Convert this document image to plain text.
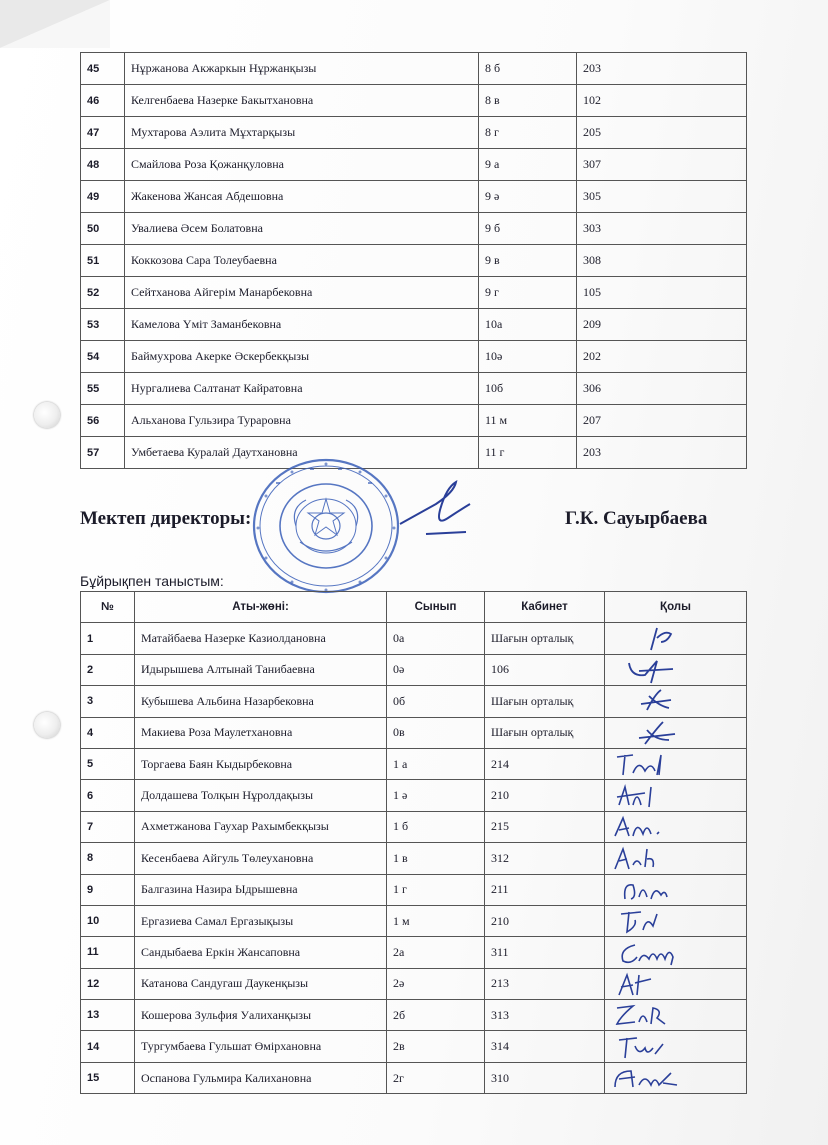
45	Нұржанова Акжаркын Нұржанқызы	8 б	203
46	Келгенбаева Назерке Бакытхановна	8 в	102
47	Мухтарова Аэлита Мұхтарқызы	8 г	205
48	Смайлова Роза Қожанқуловна	9 а	307
49	Жакенова Жансая Абдешовна	9 ә	305
50	Увалиева Әсем Болатовна	9 б	303
51	Коккозова Сара Толеубаевна	9 в	308
52	Сейтханова Айгерім Манарбековна	9 г	105
53	Камелова Үміт Заманбековна	10а	209
54	Баймухрова Акерке Әскербекқызы	10ә	202
55	Нургалиева Салтанат Кайратовна	10б	306
56	Альханова Гульзира Тураровна	11 м	207
57	Умбетаева Куралай Даутхановна	11 г	203
Мектеп директоры:	Г.К. Сауырбаева
Бұйрықпен таныстым:
№	Аты-жөні:	Сынып	Кабинет	Қолы
1	Матайбаева Назерке Казиолдановна	0а	Шағын орталық	

2	Идырышева Алтынай Танибаевна	0ә	106	

3	Кубышева Альбина Назарбековна	0б	Шағын орталық	

4	Макиева Роза Маулетхановна	0в	Шағын орталық	

5	Торгаева Баян Кыдырбековна	1 а	214	

6	Долдашева Толқын Нұролдақызы	1 ә	210	

7	Ахметжанова Гаухар Рахымбекқызы	1 б	215	

8	Кесенбаева Айгуль Төлеухановна	1 в	312	

9	Балгазина Назира Ыдрышевна	1 г	211	

10	Ергазиева Самал Ергазықызы	1 м	210	

11	Сандыбаева Еркін Жансаповна	2а	311	

12	Катанова Сандугаш Даукенқызы	2ә	213	

13	Кошерова Зульфия Уалиханқызы	2б	313	

14	Тургумбаева Гульшат Өмірхановна	2в	314	

15	Оспанова Гульмира Калихановна	2г	310	
